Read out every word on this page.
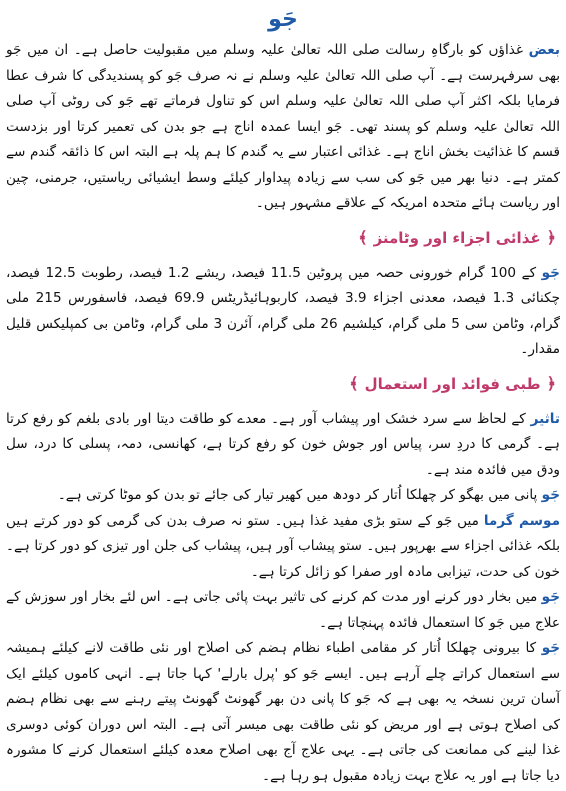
جَو

بعض غذاؤں کو بارگاہِ رسالت صلی اللہ تعالیٰ علیہ وسلم میں مقبولیت حاصل ہے۔ ان میں جَو بھی سرفہرست ہے۔ آپ صلی اللہ تعالیٰ علیہ وسلم نے نہ صرف جَو کو پسندیدگی کا شرف عطا فرمایا بلکہ اکثر آپ صلی اللہ تعالیٰ علیہ وسلم اس کو تناول فرماتے تھے جَو کی روٹی آپ صلی اللہ تعالیٰ علیہ وسلم کو پسند تھی۔ جَو ایسا عمدہ اناج ہے جو بدن کی تعمیر کرتا اور بزدست قسم کا غذائیت بخش اناج ہے۔ غذائی اعتبار سے یہ گندم کا ہم پلہ ہے البتہ اس کا ذائقہ گندم سے کمتر ہے۔ دنیا بھر میں جَو کی سب سے زیادہ پیداوار کیلئے وسط ایشیائی ریاستیں، جرمنی، چین اور ریاست ہائے متحدہ امریکہ کے علاقے مشہور ہیں۔

﴿
غذائی اجزاء اور وٹامنز
﴾

جَو کے 100 گرام خورونی حصہ میں پروٹین 11.5 فیصد، ریشے 1.2 فیصد، رطوبت 12.5 فیصد، چکنائی 1.3 فیصد، معدنی اجزاء 3.9 فیصد، کاربوہائیڈریٹس 69.9 فیصد، فاسفورس 215 ملی گرام، وٹامن سی 5 ملی گرام، کیلشیم 26 ملی گرام، آئرن 3 ملی گرام، وٹامن بی کمپلیکس قلیل مقدار۔

﴿
طبی فوائد اور استعمال
﴾

تاثیر کے لحاظ سے سرد خشک اور پیشاب آور ہے۔ معدے کو طاقت دیتا اور بادی بلغم کو رفع کرتا ہے۔ گرمی کا دردِ سر، پیاس اور جوش خون کو رفع کرتا ہے، کھانسی، دمہ، پسلی کا درد، سل ودق میں فائدہ مند ہے۔

جَو پانی میں بھگو کر چھلکا اُتار کر دودھ میں کھیر تیار کی جائے تو بدن کو موٹا کرتی ہے۔

موسم گرما میں جَو کے ستو بڑی مفید غذا ہیں۔ ستو نہ صرف بدن کی گرمی کو دور کرتے ہیں بلکہ غذائی اجزاء سے بھرپور ہیں۔ ستو پیشاب آور ہیں، پیشاب کی جلن اور تیزی کو دور کرتا ہے۔ خون کی حدت، تیزابی مادہ اور صفرا کو زائل کرتا ہے۔

جَو میں بخار دور کرنے اور مدت کم کرنے کی تاثیر بہت پائی جاتی ہے۔ اس لئے بخار اور سوزش کے علاج میں جَو کا استعمال فائدہ پہنچاتا ہے۔

جَو کا بیرونی چھلکا اُتار کر مقامی اطباء نظام ہضم کی اصلاح اور نئی طاقت لانے کیلئے ہمیشہ سے استعمال کراتے چلے آرہے ہیں۔ ایسے جَو کو 'پرل بارلے' کہا جاتا ہے۔ انہی کاموں کیلئے ایک آسان ترین نسخہ یہ بھی ہے کہ جَو کا پانی دن بھر گھونٹ گھونٹ پیتے رہنے سے بھی نظام ہضم کی اصلاح ہوتی ہے اور مریض کو نئی طاقت بھی میسر آتی ہے۔ البتہ اس دوران کوئی دوسری غذا لینے کی ممانعت کی جاتی ہے۔ یہی علاج آج بھی اصلاح معدہ کیلئے استعمال کرنے کا مشورہ دیا جاتا ہے اور یہ علاج بہت زیادہ مقبول ہو رہا ہے۔
